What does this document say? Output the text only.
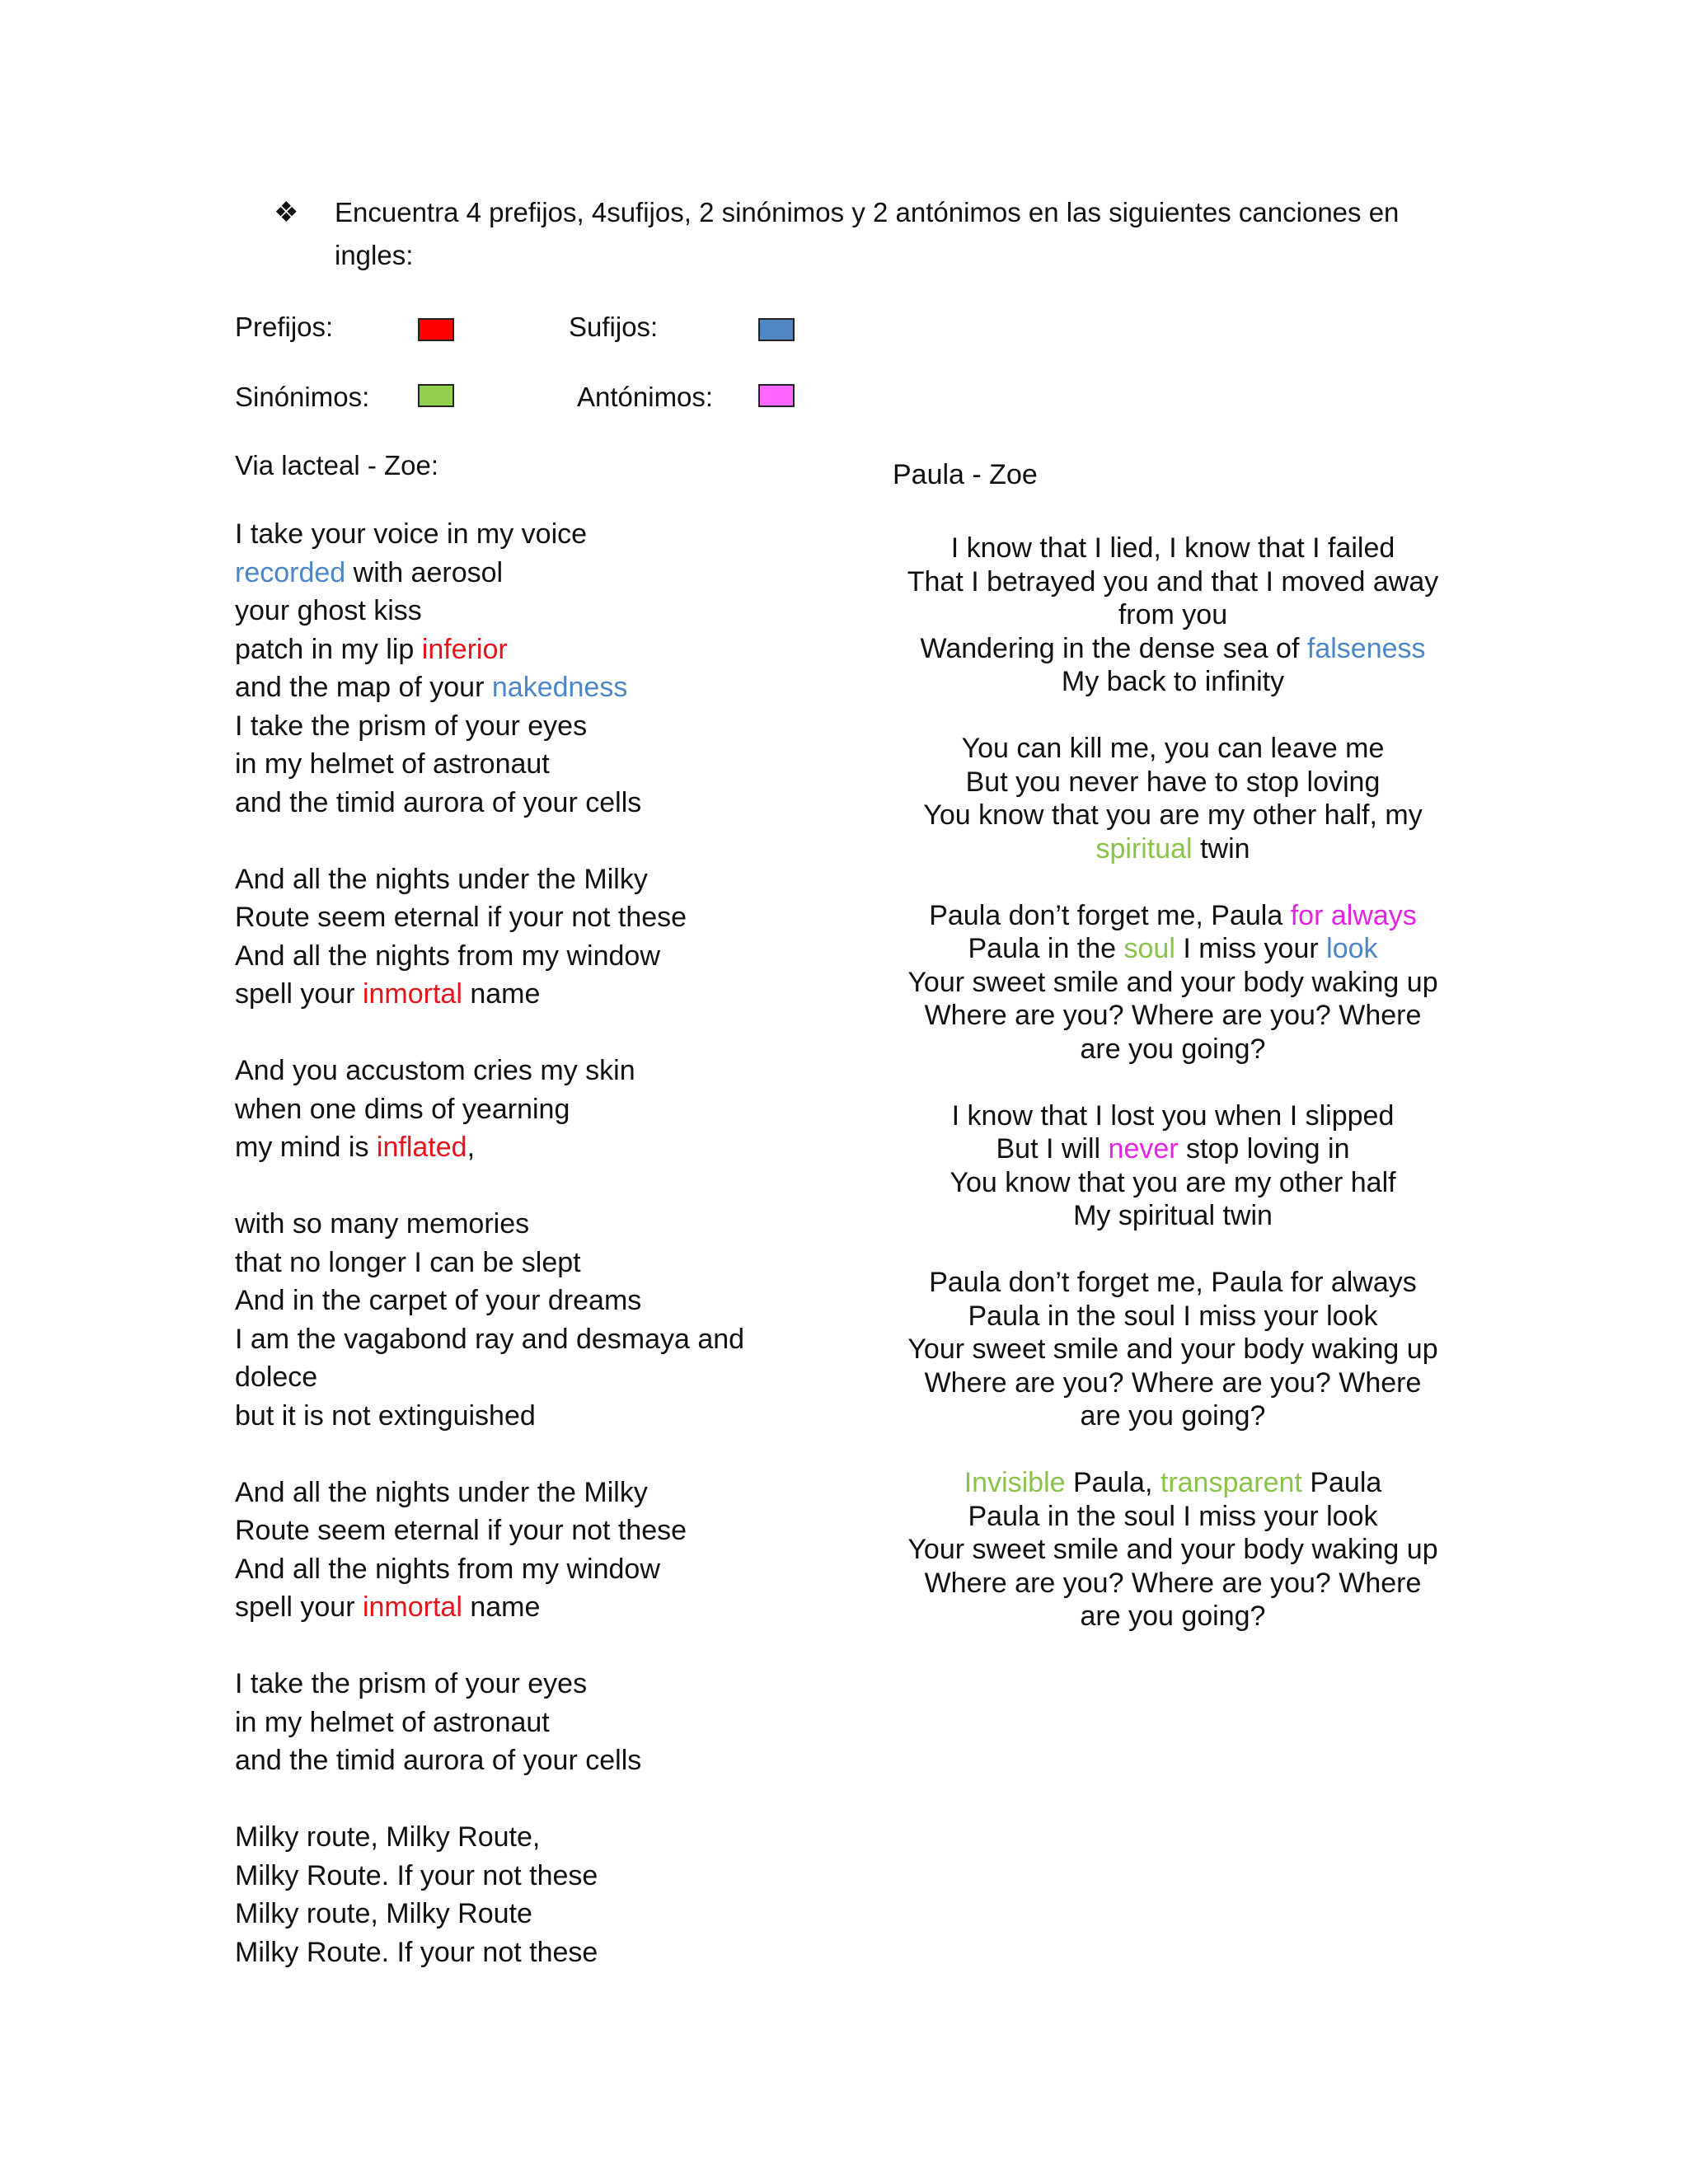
❖ Encuentra 4 prefijos, 4sufijos, 2 sinónimos y 2 antónimos en las siguientes canciones en ingles:
Prefijos:	Sufijos:
Sinónimos:	Antónimos:
Via lacteal - Zoe:
I take your voice in my voice
recorded with aerosol
your ghost kiss
patch in my lip inferior
and the map of your nakedness
I take the prism of your eyes
in my helmet of astronaut
and the timid aurora of your cells
And all the nights under the Milky
Route seem eternal if your not these
And all the nights from my window
spell your inmortal name
And you accustom cries my skin
when one dims of yearning
my mind is inflated,
with so many memories
that no longer I can be slept
And in the carpet of your dreams
I am the vagabond ray and desmaya and dolece
but it is not extinguished
And all the nights under the Milky
Route seem eternal if your not these
And all the nights from my window
spell your inmortal name
I take the prism of your eyes
in my helmet of astronaut
and the timid aurora of your cells
Milky route, Milky Route,
Milky Route. If your not these
Milky route, Milky Route
Milky Route. If your not these
Paula - Zoe
I know that I lied, I know that I failed
That I betrayed you and that I moved away
from you
Wandering in the dense sea of falseness
My back to infinity
You can kill me, you can leave me
But you never have to stop loving
You know that you are my other half, my
spiritual twin
Paula don’t forget me, Paula for always
Paula in the soul I miss your look
Your sweet smile and your body waking up
Where are you? Where are you? Where
are you going?
I know that I lost you when I slipped
But I will never stop loving in
You know that you are my other half
My spiritual twin
Paula don’t forget me, Paula for always
Paula in the soul I miss your look
Your sweet smile and your body waking up
Where are you? Where are you? Where
are you going?
Invisible Paula, transparent Paula
Paula in the soul I miss your look
Your sweet smile and your body waking up
Where are you? Where are you? Where
are you going?
